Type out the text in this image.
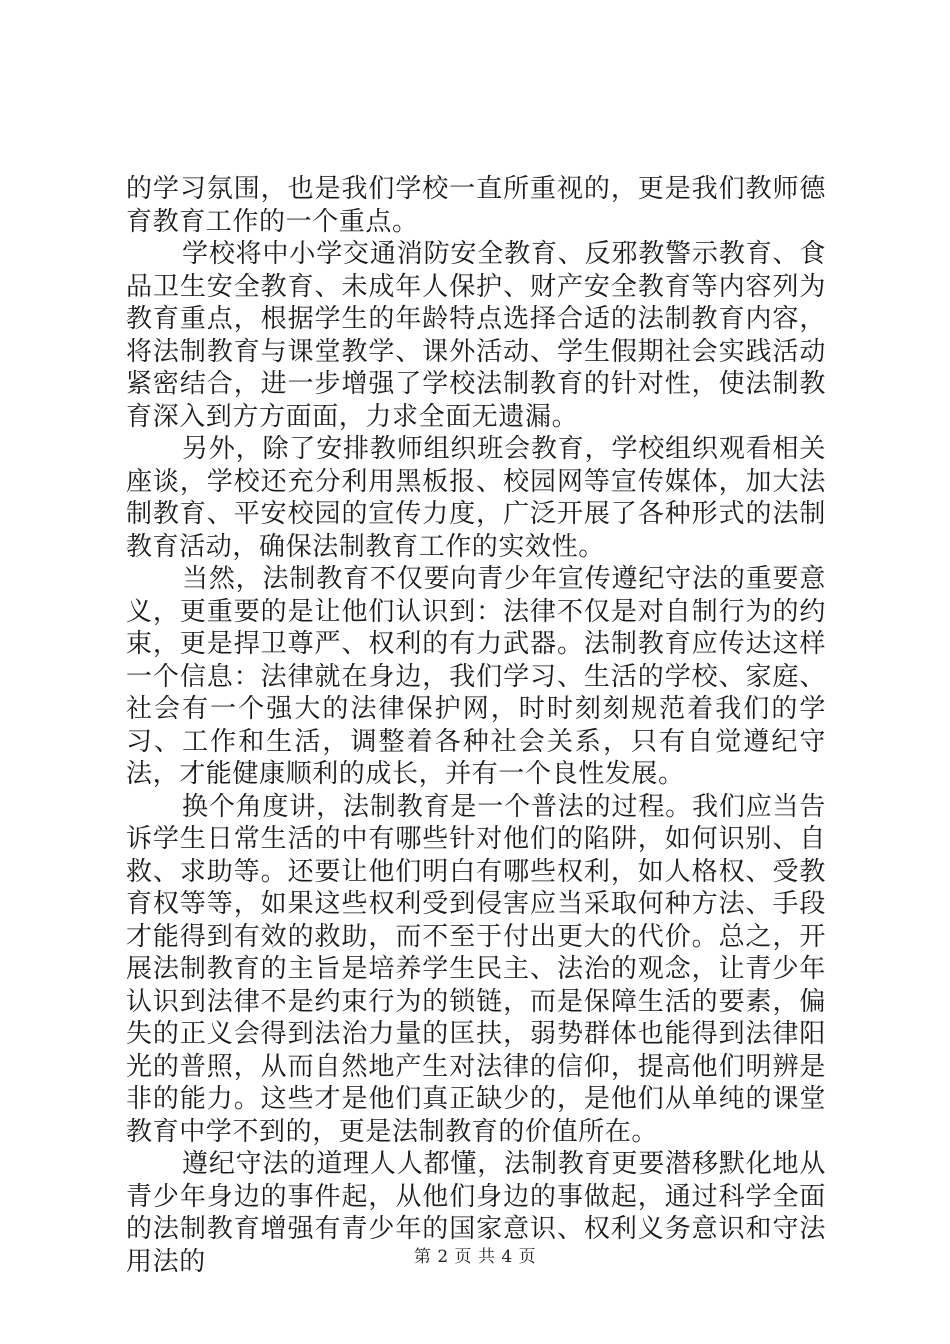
的学习氛围，也是我们学校一直所重视的，更是我们教师德育教育工作的一个重点。

学校将中小学交通消防安全教育、反邪教警示教育、食品卫生安全教育、未成年人保护、财产安全教育等内容列为教育重点，根据学生的年龄特点选择合适的法制教育内容，将法制教育与课堂教学、课外活动、学生假期社会实践活动紧密结合，进一步增强了学校法制教育的针对性，使法制教育深入到方方面面，力求全面无遗漏。

另外，除了安排教师组织班会教育，学校组织观看相关座谈，学校还充分利用黑板报、校园网等宣传媒体，加大法制教育、平安校园的宣传力度，广泛开展了各种形式的法制教育活动，确保法制教育工作的实效性。

当然，法制教育不仅要向青少年宣传遵纪守法的重要意义，更重要的是让他们认识到：法律不仅是对自制行为的约束，更是捍卫尊严、权利的有力武器。法制教育应传达这样一个信息：法律就在身边，我们学习、生活的学校、家庭、社会有一个强大的法律保护网，时时刻刻规范着我们的学习、工作和生活，调整着各种社会关系，只有自觉遵纪守法，才能健康顺利的成长，并有一个良性发展。

换个角度讲，法制教育是一个普法的过程。我们应当告诉学生日常生活的中有哪些针对他们的陷阱，如何识别、自救、求助等。还要让他们明白有哪些权利，如人格权、受教育权等等，如果这些权利受到侵害应当采取何种方法、手段才能得到有效的救助，而不至于付出更大的代价。总之，开展法制教育的主旨是培养学生民主、法治的观念，让青少年认识到法律不是约束行为的锁链，而是保障生活的要素，偏失的正义会得到法治力量的匡扶，弱势群体也能得到法律阳光的普照，从而自然地产生对法律的信仰，提高他们明辨是非的能力。这些才是他们真正缺少的，是他们从单纯的课堂教育中学不到的，更是法制教育的价值所在。

遵纪守法的道理人人都懂，法制教育更要潜移默化地从青少年身边的事件起，从他们身边的事做起，通过科学全面的法制教育增强有青少年的国家意识、权利义务意识和守法用法的	第 2 页 共 4 页
